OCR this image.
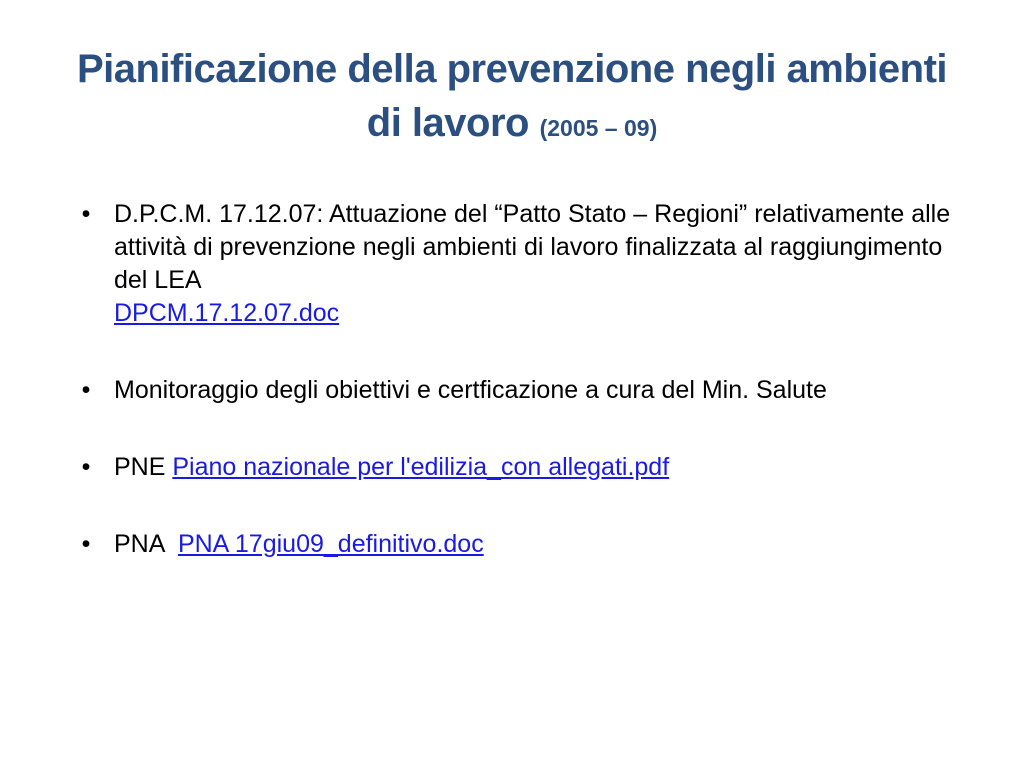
Pianificazione della prevenzione negli ambienti di lavoro (2005 – 09)
• D.P.C.M. 17.12.07: Attuazione del “Patto Stato – Regioni” relativamente alle attività di prevenzione negli ambienti di lavoro finalizzata al raggiungimento del LEA
DPCM.17.12.07.doc
• Monitoraggio degli obiettivi e certficazione a cura del Min. Salute
• PNE Piano nazionale per l'edilizia_con allegati.pdf
• PNA  PNA 17giu09_definitivo.doc
